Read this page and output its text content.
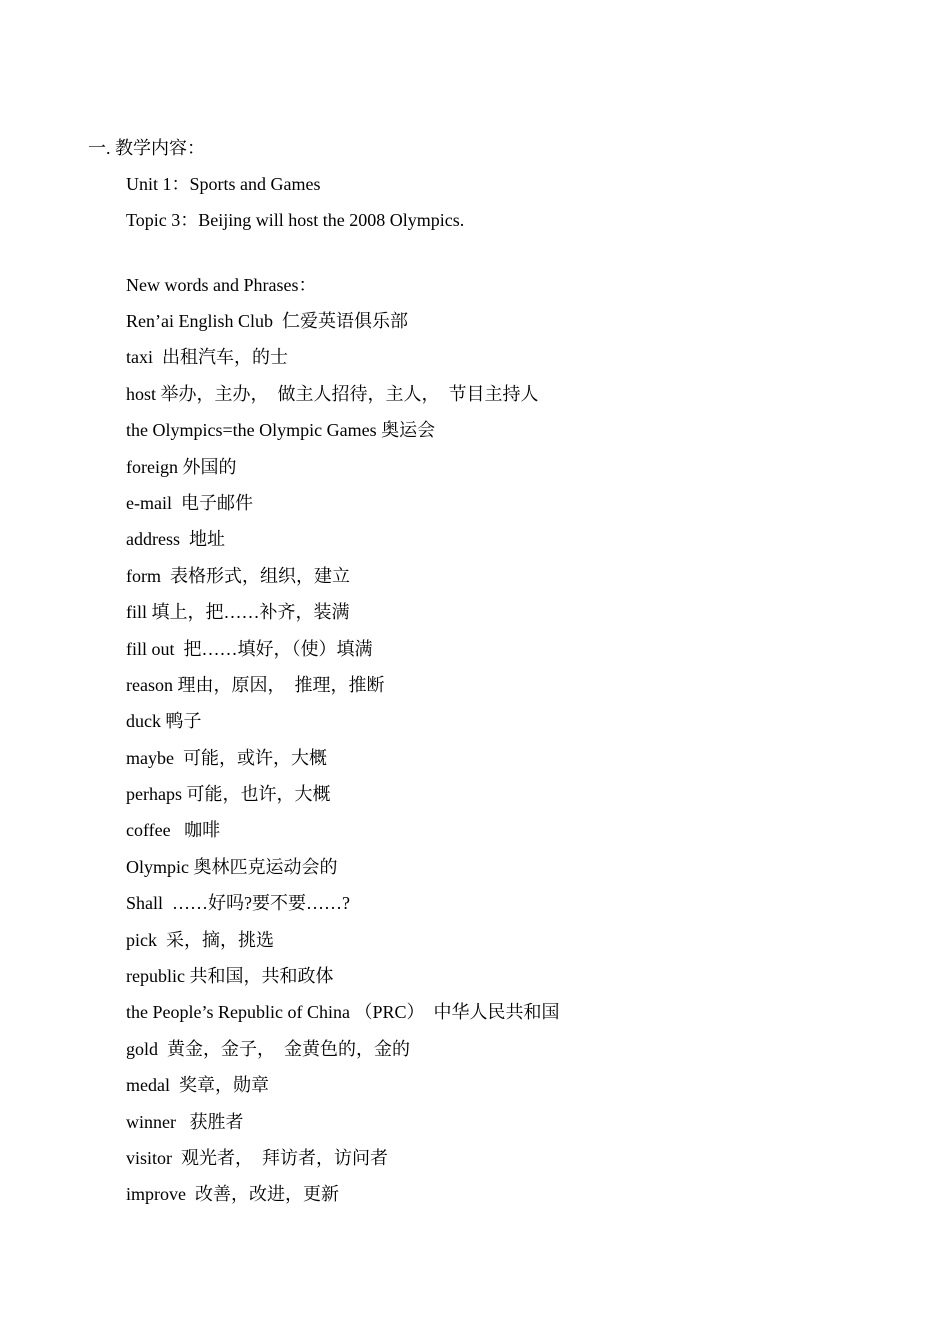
一. 教学内容：
Unit 1：Sports and Games
Topic 3：Beijing will host the 2008 Olympics.
New words and Phrases：
Ren’ai English Club  仁爱英语俱乐部
taxi  出租汽车，的士
host 举办，主办，  做主人招待，主人，  节目主持人
the Olympics=the Olympic Games 奥运会
foreign 外国的
e-mail  电子邮件
address  地址
form  表格形式，组织，建立
fill 填上，把……补齐，装满
fill out  把……填好，（使）填满
reason 理由，原因，  推理，推断
duck 鸭子
maybe  可能，或许，大概
perhaps 可能，也许，大概
coffee   咖啡
Olympic 奥林匹克运动会的
Shall  ……好吗?要不要……?
pick  采，摘，挑选
republic 共和国，共和政体
the People’s Republic of China （PRC）  中华人民共和国
gold  黄金，金子，  金黄色的，金的
medal  奖章，勋章
winner   获胜者
visitor  观光者，  拜访者，访问者
improve  改善，改进，更新
